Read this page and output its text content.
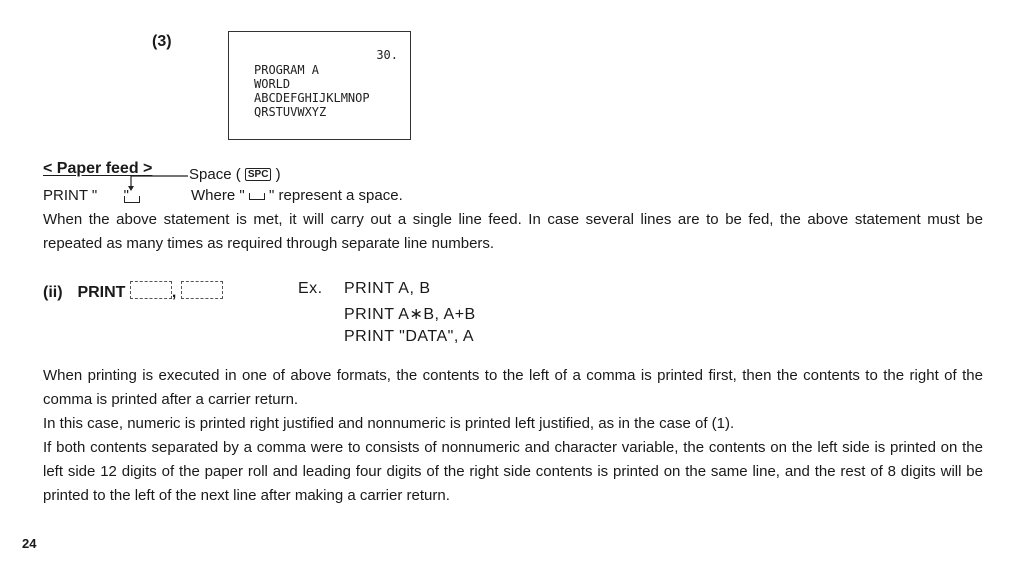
(3)
30.
PROGRAM A
WORLD
ABCDEFGHIJKLMNOP
QRSTUVWXYZ
< Paper feed > Space ( SPC )
PRINT " "	Where " " represent a space.
When the above statement is met, it will carry out a single line feed. In case several lines are to be fed, the above statement must be repeated as many times as required through separate line numbers.
(ii) PRINT	,	Ex. PRINT A, B
PRINT A∗B, A+B
PRINT "DATA", A
When printing is executed in one of above formats, the contents to the left of a comma is printed first, then the contents to the right of the comma is printed after a carrier return.
In this case, numeric is printed right justified and nonnumeric is printed left justified, as in the case of (1).
If both contents separated by a comma were to consists of nonnumeric and character variable, the contents on the left side is printed on the left side 12 digits of the paper roll and leading four digits of the right side contents is printed on the same line, and the rest of 8 digits will be printed to the left of the next line after making a carrier return.
24
